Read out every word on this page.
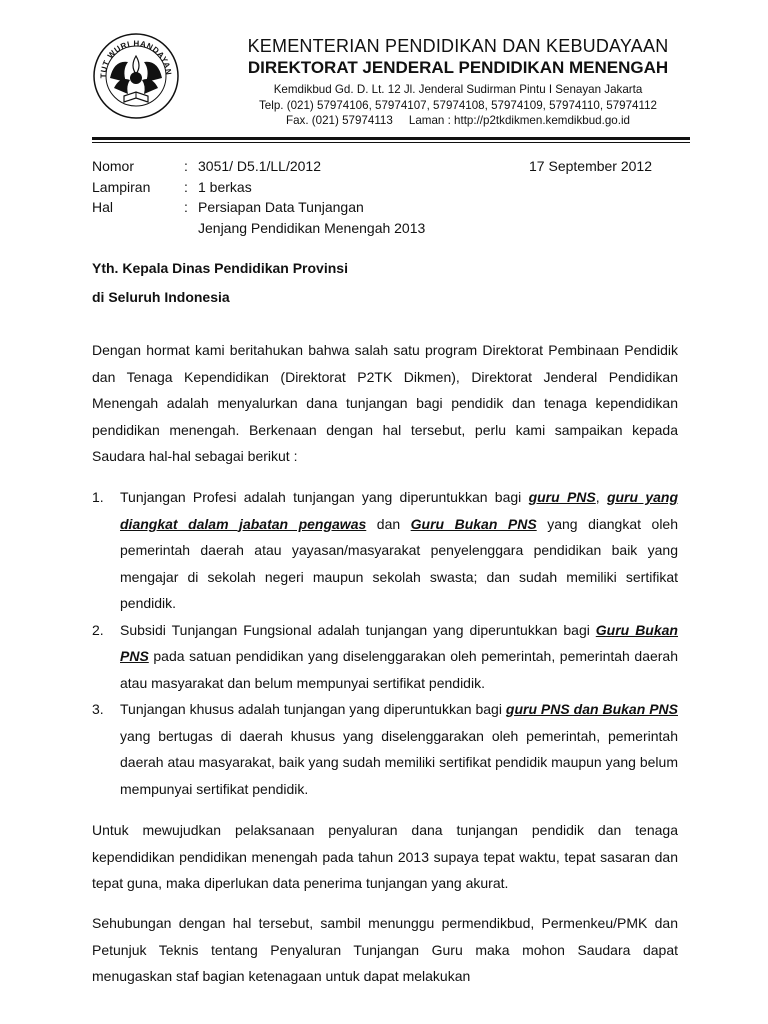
TUT WURI HANDAYAN
KEMENTERIAN PENDIDIKAN DAN KEBUDAYAAN
DIREKTORAT JENDERAL PENDIDIKAN MENENGAH
Kemdikbud Gd. D. Lt. 12 Jl. Jenderal Sudirman Pintu I Senayan Jakarta
Telp. (021) 57974106, 57974107, 57974108, 57974109, 57974110, 57974112
Fax. (021) 57974113     Laman : http://p2tkdikmen.kemdikbud.go.id
Nomor	: 3051/ D5.1/LL/2012
Lampiran	: 1 berkas
Hal	: Persiapan Data Tunjangan
Jenjang Pendidikan Menengah 2013
17 September 2012
Yth. Kepala Dinas Pendidikan Provinsi
di Seluruh Indonesia

Dengan hormat kami beritahukan bahwa salah satu program Direktorat Pembinaan Pendidik dan Tenaga Kependidikan (Direktorat P2TK Dikmen), Direktorat Jenderal Pendidikan Menengah adalah menyalurkan dana tunjangan bagi pendidik dan tenaga kependidikan pendidikan menengah. Berkenaan dengan hal tersebut, perlu kami sampaikan kepada Saudara hal-hal sebagai berikut :

1.	Tunjangan Profesi adalah tunjangan yang diperuntukkan bagi guru PNS, guru yang diangkat dalam jabatan pengawas dan Guru Bukan PNS yang diangkat oleh pemerintah daerah atau yayasan/masyarakat penyelenggara pendidikan baik yang mengajar di sekolah negeri maupun sekolah swasta; dan sudah memiliki sertifikat pendidik.
2.	Subsidi Tunjangan Fungsional adalah tunjangan yang diperuntukkan bagi Guru Bukan PNS pada satuan pendidikan yang diselenggarakan oleh pemerintah, pemerintah daerah atau masyarakat dan belum mempunyai sertifikat pendidik.
3.	Tunjangan khusus adalah tunjangan yang diperuntukkan bagi guru PNS dan Bukan PNS yang bertugas di daerah khusus yang diselenggarakan oleh pemerintah, pemerintah daerah atau masyarakat, baik yang sudah memiliki sertifikat pendidik maupun yang belum mempunyai sertifikat pendidik.

Untuk mewujudkan pelaksanaan penyaluran dana tunjangan pendidik dan tenaga kependidikan pendidikan menengah pada tahun 2013 supaya tepat waktu, tepat sasaran dan tepat guna, maka diperlukan data penerima tunjangan yang akurat.

Sehubungan dengan hal tersebut, sambil menunggu permendikbud, Permenkeu/PMK dan Petunjuk Teknis tentang Penyaluran Tunjangan Guru maka mohon Saudara dapat menugaskan staf bagian ketenagaan untuk dapat melakukan
